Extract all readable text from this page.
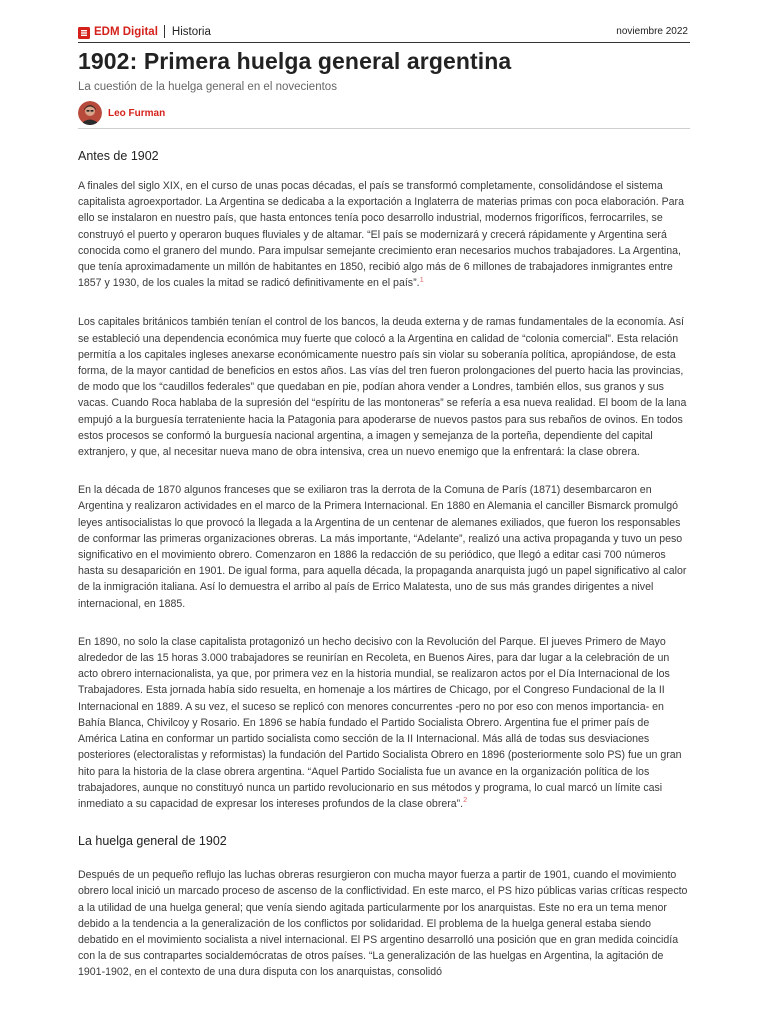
EDM Digital Historia	noviembre 2022
1902: Primera huelga general argentina

La cuestión de la huelga general en el novecientos

Leo Furman
Antes de 1902

A finales del siglo XIX, en el curso de unas pocas décadas, el país se transformó completamente, consolidándose el sistema capitalista agroexportador. La Argentina se dedicaba a la exportación a Inglaterra de materias primas con poca elaboración. Para ello se instalaron en nuestro país, que hasta entonces tenía poco desarrollo industrial, modernos frigoríficos, ferrocarriles, se construyó el puerto y operaron buques fluviales y de altamar. “El país se modernizará y crecerá rápidamente y Argentina será conocida como el granero del mundo. Para impulsar semejante crecimiento eran necesarios muchos trabajadores. La Argentina, que tenía aproximadamente un millón de habitantes en 1850, recibió algo más de 6 millones de trabajadores inmigrantes entre 1857 y 1930, de los cuales la mitad se radicó definitivamente en el país”.$^1$

Los capitales británicos también tenían el control de los bancos, la deuda externa y de ramas fundamentales de la economía. Así se estableció una dependencia económica muy fuerte que colocó a la Argentina en calidad de “colonia comercial”. Esta relación permitía a los capitales ingleses anexarse económicamente nuestro país sin violar su soberanía política, apropiándose, de esta forma, de la mayor cantidad de beneficios en estos años. Las vías del tren fueron prolongaciones del puerto hacia las provincias, de modo que los “caudillos federales” que quedaban en pie, podían ahora vender a Londres, también ellos, sus granos y sus vacas. Cuando Roca hablaba de la supresión del “espíritu de las montoneras” se refería a esa nueva realidad. El boom de la lana empujó a la burguesía terrateniente hacia la Patagonia para apoderarse de nuevos pastos para sus rebaños de ovinos. En todos estos procesos se conformó la burguesía nacional argentina, a imagen y semejanza de la porteña, dependiente del capital extranjero, y que, al necesitar nueva mano de obra intensiva, crea un nuevo enemigo que la enfrentará: la clase obrera.

En la década de 1870 algunos franceses que se exiliaron tras la derrota de la Comuna de París (1871) desembarcaron en Argentina y realizaron actividades en el marco de la Primera Internacional. En 1880 en Alemania el canciller Bismarck promulgó leyes antisocialistas lo que provocó la llegada a la Argentina de un centenar de alemanes exiliados, que fueron los responsables de conformar las primeras organizaciones obreras. La más importante, “Adelante”, realizó una activa propaganda y tuvo un peso significativo en el movimiento obrero. Comenzaron en 1886 la redacción de su periódico, que llegó a editar casi 700 números hasta su desaparición en 1901. De igual forma, para aquella década, la propaganda anarquista jugó un papel significativo al calor de la inmigración italiana. Así lo demuestra el arribo al país de Errico Malatesta, uno de sus más grandes dirigentes a nivel internacional, en 1885.

En 1890, no solo la clase capitalista protagonizó un hecho decisivo con la Revolución del Parque. El jueves Primero de Mayo alrededor de las 15 horas 3.000 trabajadores se reunirían en Recoleta, en Buenos Aires, para dar lugar a la celebración de un acto obrero internacionalista, ya que, por primera vez en la historia mundial, se realizaron actos por el Día Internacional de los Trabajadores. Esta jornada había sido resuelta, en homenaje a los mártires de Chicago, por el Congreso Fundacional de la II Internacional en 1889. A su vez, el suceso se replicó con menores concurrentes -pero no por eso con menos importancia- en Bahía Blanca, Chivilcoy y Rosario. En 1896 se había fundado el Partido Socialista Obrero. Argentina fue el primer país de América Latina en conformar un partido socialista como sección de la II Internacional. Más allá de todas sus desviaciones posteriores (electoralistas y reformistas) la fundación del Partido Socialista Obrero en 1896 (posteriormente solo PS) fue un gran hito para la historia de la clase obrera argentina. “Aquel Partido Socialista fue un avance en la organización política de los trabajadores, aunque no constituyó nunca un partido revolucionario en sus métodos y programa, lo cual marcó un límite casi inmediato a su capacidad de expresar los intereses profundos de la clase obrera”.$^2$

La huelga general de 1902

Después de un pequeño reflujo las luchas obreras resurgieron con mucha mayor fuerza a partir de 1901, cuando el movimiento obrero local inició un marcado proceso de ascenso de la conflictividad. En este marco, el PS hizo públicas varias críticas respecto a la utilidad de una huelga general; que venía siendo agitada particularmente por los anarquistas. Este no era un tema menor debido a la tendencia a la generalización de los conflictos por solidaridad. El problema de la huelga general estaba siendo debatido en el movimiento socialista a nivel internacional. El PS argentino desarrolló una posición que en gran medida coincidía con la de sus contrapartes socialdemócratas de otros países. “La generalización de las huelgas en Argentina, la agitación de 1901-1902, en el contexto de una dura disputa con los anarquistas, consolidó
